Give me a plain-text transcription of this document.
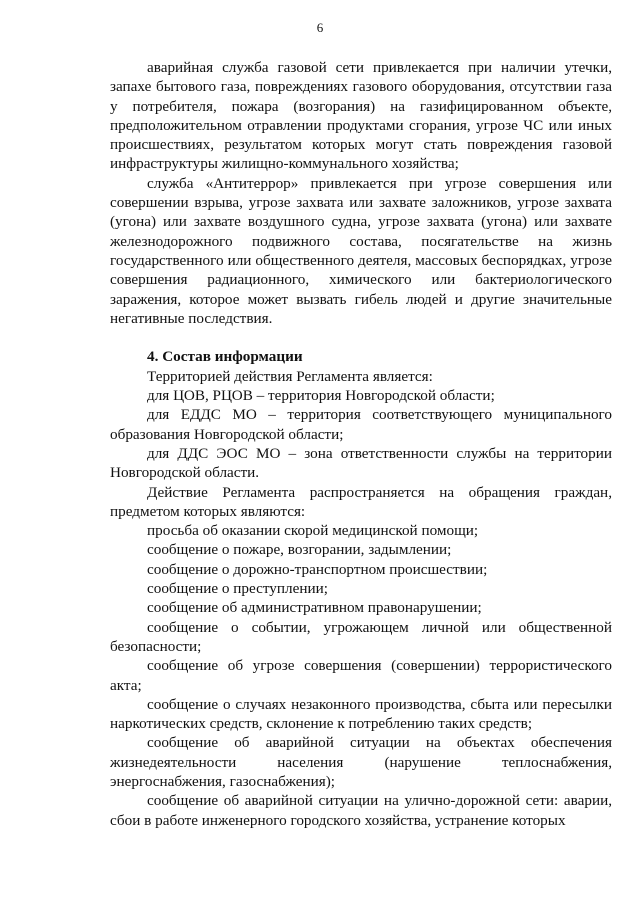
6

аварийная служба газовой сети привлекается при наличии утечки, запахе бытового газа, повреждениях газового оборудования, отсутствии газа у потребителя, пожара (возгорания) на газифицированном объекте, предположительном отравлении продуктами сгорания, угрозе ЧС или иных происшествиях, результатом которых могут стать повреждения газовой инфраструктуры жилищно-коммунального хозяйства;

служба «Антитеррор» привлекается при угрозе совершения или совершении взрыва, угрозе захвата или захвате заложников, угрозе захвата (угона) или захвате воздушного судна, угрозе захвата (угона) или захвате железнодорожного подвижного состава, посягательстве на жизнь государственного или общественного деятеля, массовых беспорядках, угрозе совершения радиационного, химического или бактериологического заражения, которое может вызвать гибель людей и другие значительные негативные последствия.

4. Состав информации

Территорией действия Регламента является:

для ЦОВ, РЦОВ – территория Новгородской области;

для ЕДДС МО – территория соответствующего муниципального образования Новгородской области;

для ДДС ЭОС МО – зона ответственности службы на территории Новгородской области.

Действие Регламента распространяется на обращения граждан, предметом которых являются:

просьба об оказании скорой медицинской помощи;

сообщение о пожаре, возгорании, задымлении;

сообщение о дорожно-транспортном происшествии;

сообщение о преступлении;

сообщение об административном правонарушении;

сообщение о событии, угрожающем личной или общественной безопасности;

сообщение об угрозе совершения (совершении) террористического акта;

сообщение о случаях незаконного производства, сбыта или пересылки наркотических средств, склонение к потреблению таких средств;

сообщение об аварийной ситуации на объектах обеспечения жизнедеятельности населения (нарушение теплоснабжения, энергоснабжения, газоснабжения);

сообщение об аварийной ситуации на улично-дорожной сети: аварии, сбои в работе инженерного городского хозяйства, устранение которых
